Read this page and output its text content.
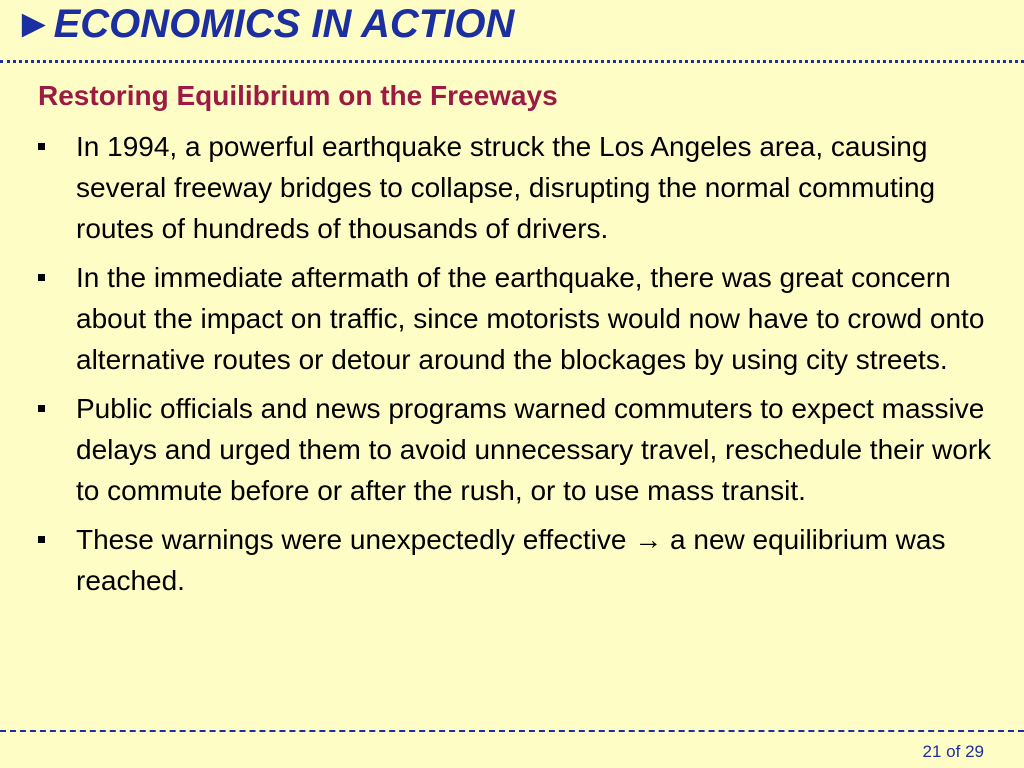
►ECONOMICS IN ACTION
Restoring Equilibrium on the Freeways
In 1994, a powerful earthquake struck the Los Angeles area, causing several freeway bridges to collapse, disrupting the normal commuting routes of hundreds of thousands of drivers.
In the immediate aftermath of the earthquake, there was great concern about the impact on traffic, since motorists would now have to crowd onto alternative routes or detour around the blockages by using city streets.
Public officials and news programs warned commuters to expect massive delays and urged them to avoid unnecessary travel, reschedule their work to commute before or after the rush, or to use mass transit.
These warnings were unexpectedly effective → a new equilibrium was reached.
21 of 29
